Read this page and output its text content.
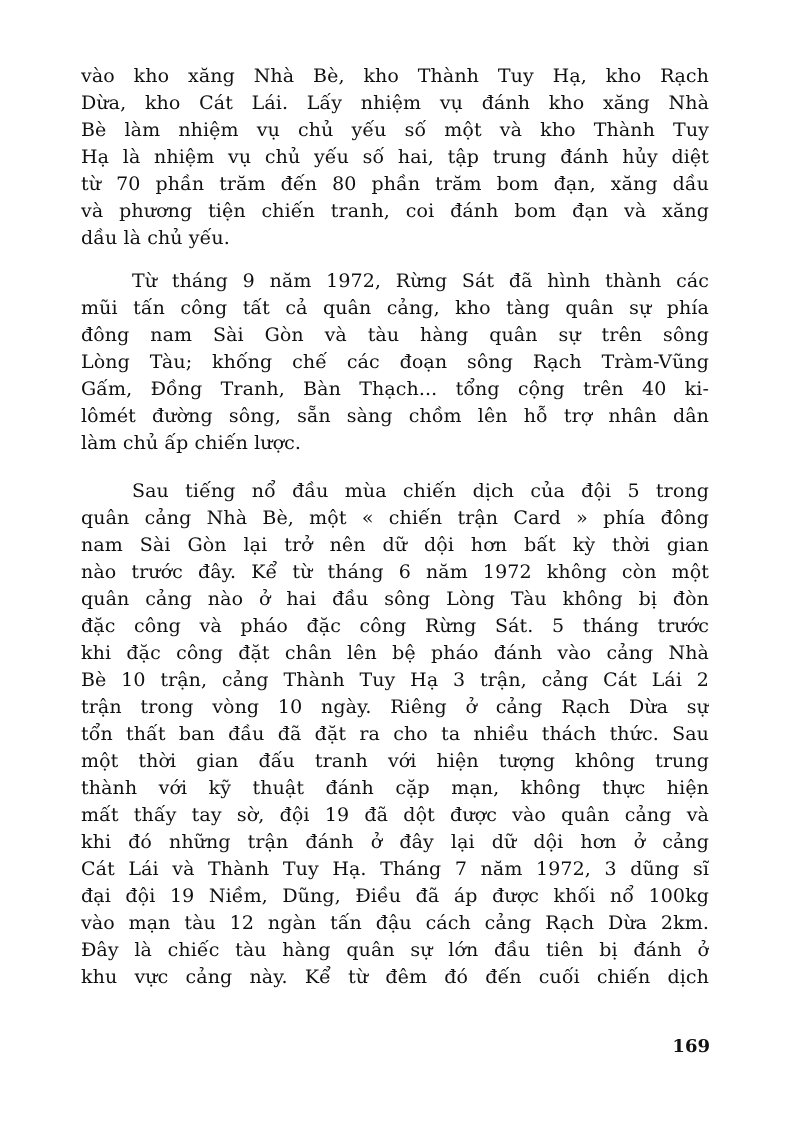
vào kho xăng Nhà Bè, kho Thành Tuy Hạ, kho Rạch
Dừa, kho Cát Lái. Lấy nhiệm vụ đánh kho xăng Nhà
Bè làm nhiệm vụ chủ yếu số một và kho Thành Tuy
Hạ là nhiệm vụ chủ yếu số hai, tập trung đánh hủy diệt
từ 70 phần trăm đến 80 phần trăm bom đạn, xăng dầu
và phương tiện chiến tranh, coi đánh bom đạn và xăng
dầu là chủ yếu.
Từ tháng 9 năm 1972, Rừng Sát đã hình thành các
mũi tấn công tất cả quân cảng, kho tàng quân sự phía
đông nam Sài Gòn và tàu hàng quân sự trên sông
Lòng Tàu; khống chế các đoạn sông Rạch Tràm-Vũng
Gấm, Đồng Tranh, Bàn Thạch... tổng cộng trên 40 ki-
lômét đường sông, sẵn sàng chồm lên hỗ trợ nhân dân
làm chủ ấp chiến lược.
Sau tiếng nổ đầu mùa chiến dịch của đội 5 trong
quân cảng Nhà Bè, một « chiến trận Card » phía đông
nam Sài Gòn lại trở nên dữ dội hơn bất kỳ thời gian
nào trước đây. Kể từ tháng 6 năm 1972 không còn một
quân cảng nào ở hai đầu sông Lòng Tàu không bị đòn
đặc công và pháo đặc công Rừng Sát. 5 tháng trước
khi đặc công đặt chân lên bệ pháo đánh vào cảng Nhà
Bè 10 trận, cảng Thành Tuy Hạ 3 trận, cảng Cát Lái 2
trận trong vòng 10 ngày. Riêng ở cảng Rạch Dừa sự
tổn thất ban đầu đã đặt ra cho ta nhiều thách thức. Sau
một thời gian đấu tranh với hiện tượng không trung
thành với kỹ thuật đánh cặp mạn, không thực hiện
mất thấy tay sờ, đội 19 đã dột được vào quân cảng và
khi đó những trận đánh ở đây lại dữ dội hơn ở cảng
Cát Lái và Thành Tuy Hạ. Tháng 7 năm 1972, 3 dũng sĩ
đại đội 19 Niềm, Dũng, Điều đã áp được khối nổ 100kg
vào mạn tàu 12 ngàn tấn đậu cách cảng Rạch Dừa 2km.
Đây là chiếc tàu hàng quân sự lớn đầu tiên bị đánh ở
khu vực cảng này. Kể từ đêm đó đến cuối chiến dịch
169
